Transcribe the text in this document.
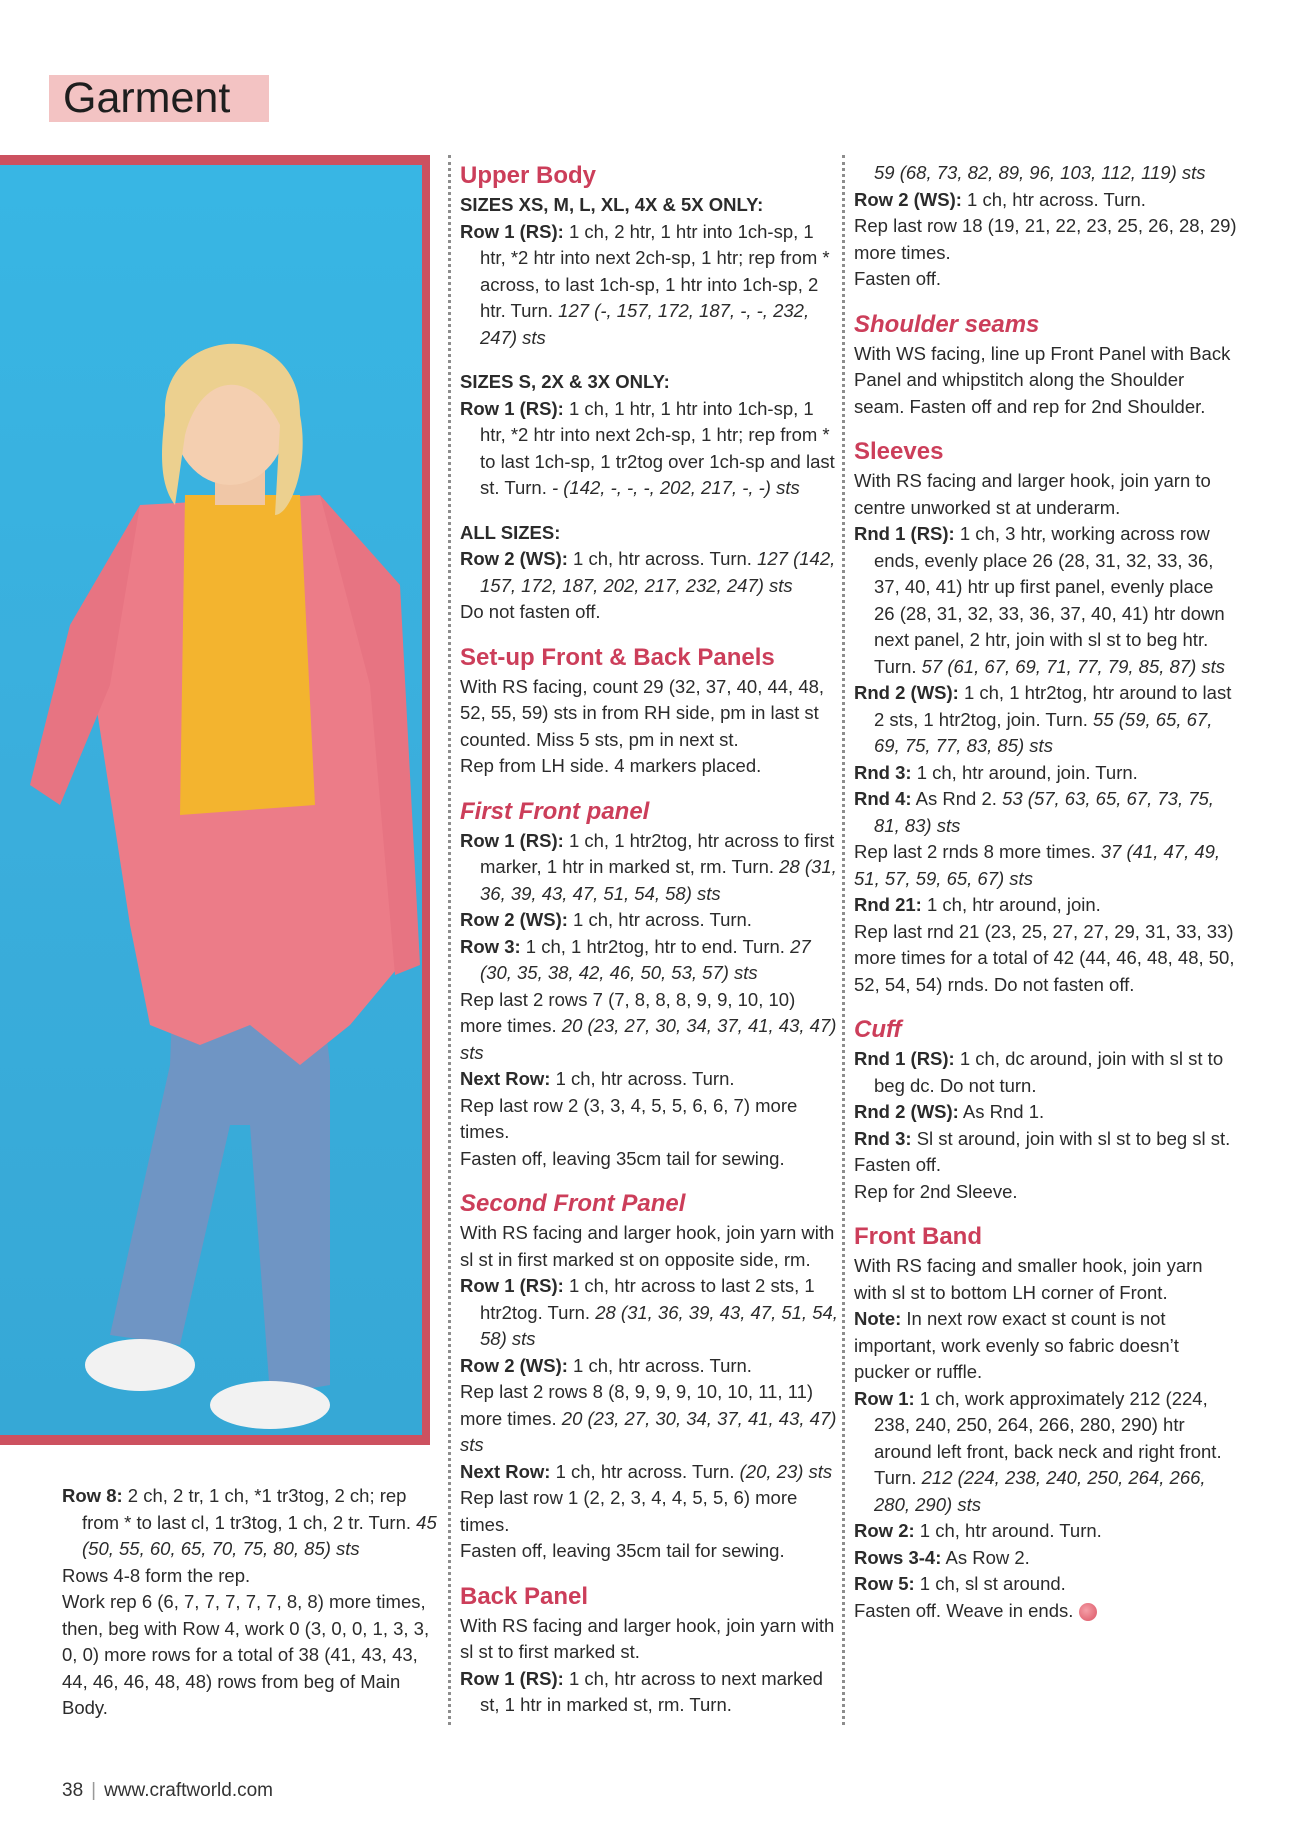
Garment
Upper Body
SIZES XS, M, L, XL, 4X & 5X ONLY:
Row 1 (RS): 1 ch, 2 htr, 1 htr into 1ch-sp, 1 htr, *2 htr into next 2ch-sp, 1 htr; rep from * across, to last 1ch-sp, 1 htr into 1ch-sp, 2 htr. Turn. 127 (-, 157, 172, 187, -, -, 232, 247) sts
SIZES S, 2X & 3X ONLY:
Row 1 (RS): 1 ch, 1 htr, 1 htr into 1ch-sp, 1 htr, *2 htr into next 2ch-sp, 1 htr; rep from * to last 1ch-sp, 1 tr2tog over 1ch-sp and last st. Turn. - (142, -, -, -, 202, 217, -, -) sts
ALL SIZES:
Row 2 (WS): 1 ch, htr across. Turn. 127 (142, 157, 172, 187, 202, 217, 232, 247) sts
Do not fasten off.
Set-up Front & Back Panels
With RS facing, count 29 (32, 37, 40, 44, 48, 52, 55, 59) sts in from RH side, pm in last st counted. Miss 5 sts, pm in next st.
Rep from LH side. 4 markers placed.
First Front panel
Row 1 (RS): 1 ch, 1 htr2tog, htr across to first marker, 1 htr in marked st, rm. Turn. 28 (31, 36, 39, 43, 47, 51, 54, 58) sts
Row 2 (WS): 1 ch, htr across. Turn.
Row 3: 1 ch, 1 htr2tog, htr to end. Turn. 27 (30, 35, 38, 42, 46, 50, 53, 57) sts
Rep last 2 rows 7 (7, 8, 8, 8, 9, 9, 10, 10) more times. 20 (23, 27, 30, 34, 37, 41, 43, 47) sts
Next Row: 1 ch, htr across. Turn.
Rep last row 2 (3, 3, 4, 5, 5, 6, 6, 7) more times.
Fasten off, leaving 35cm tail for sewing.
Second Front Panel
With RS facing and larger hook, join yarn with sl st in first marked st on opposite side, rm.
Row 1 (RS): 1 ch, htr across to last 2 sts, 1 htr2tog. Turn. 28 (31, 36, 39, 43, 47, 51, 54, 58) sts
Row 2 (WS): 1 ch, htr across. Turn.
Rep last 2 rows 8 (8, 9, 9, 9, 10, 10, 11, 11) more times. 20 (23, 27, 30, 34, 37, 41, 43, 47) sts
Next Row: 1 ch, htr across. Turn. (20, 23) sts
Rep last row 1 (2, 2, 3, 4, 4, 5, 5, 6) more times.
Fasten off, leaving 35cm tail for sewing.
Back Panel
With RS facing and larger hook, join yarn with sl st to first marked st.
Row 1 (RS): 1 ch, htr across to next marked st, 1 htr in marked st, rm. Turn.
59 (68, 73, 82, 89, 96, 103, 112, 119) sts
Row 2 (WS): 1 ch, htr across. Turn.
Rep last row 18 (19, 21, 22, 23, 25, 26, 28, 29) more times.
Fasten off.
Shoulder seams
With WS facing, line up Front Panel with Back Panel and whipstitch along the Shoulder seam. Fasten off and rep for 2nd Shoulder.
Sleeves
With RS facing and larger hook, join yarn to centre unworked st at underarm.
Rnd 1 (RS): 1 ch, 3 htr, working across row ends, evenly place 26 (28, 31, 32, 33, 36, 37, 40, 41) htr up first panel, evenly place 26 (28, 31, 32, 33, 36, 37, 40, 41) htr down next panel, 2 htr, join with sl st to beg htr. Turn. 57 (61, 67, 69, 71, 77, 79, 85, 87) sts
Rnd 2 (WS): 1 ch, 1 htr2tog, htr around to last 2 sts, 1 htr2tog, join. Turn. 55 (59, 65, 67, 69, 75, 77, 83, 85) sts
Rnd 3: 1 ch, htr around, join. Turn.
Rnd 4: As Rnd 2. 53 (57, 63, 65, 67, 73, 75, 81, 83) sts
Rep last 2 rnds 8 more times. 37 (41, 47, 49, 51, 57, 59, 65, 67) sts
Rnd 21: 1 ch, htr around, join.
Rep last rnd 21 (23, 25, 27, 27, 29, 31, 33, 33) more times for a total of 42 (44, 46, 48, 48, 50, 52, 54, 54) rnds. Do not fasten off.
Cuff
Rnd 1 (RS): 1 ch, dc around, join with sl st to beg dc. Do not turn.
Rnd 2 (WS): As Rnd 1.
Rnd 3: Sl st around, join with sl st to beg sl st.
Fasten off.
Rep for 2nd Sleeve.
Front Band
With RS facing and smaller hook, join yarn with sl st to bottom LH corner of Front.
Note: In next row exact st count is not important, work evenly so fabric doesn’t pucker or ruffle.
Row 1: 1 ch, work approximately 212 (224, 238, 240, 250, 264, 266, 280, 290) htr around left front, back neck and right front. Turn. 212 (224, 238, 240, 250, 264, 266, 280, 290) sts
Row 2: 1 ch, htr around. Turn.
Rows 3-4: As Row 2.
Row 5: 1 ch, sl st around.
Fasten off. Weave in ends.
Row 8: 2 ch, 2 tr, 1 ch, *1 tr3tog, 2 ch; rep from * to last cl, 1 tr3tog, 1 ch, 2 tr. Turn. 45 (50, 55, 60, 65, 70, 75, 80, 85) sts
Rows 4-8 form the rep.
Work rep 6 (6, 7, 7, 7, 7, 7, 8, 8) more times, then, beg with Row 4, work 0 (3, 0, 0, 1, 3, 3, 0, 0) more rows for a total of 38 (41, 43, 43, 44, 46, 46, 48, 48) rows from beg of Main Body.
38 | www.craftworld.com
